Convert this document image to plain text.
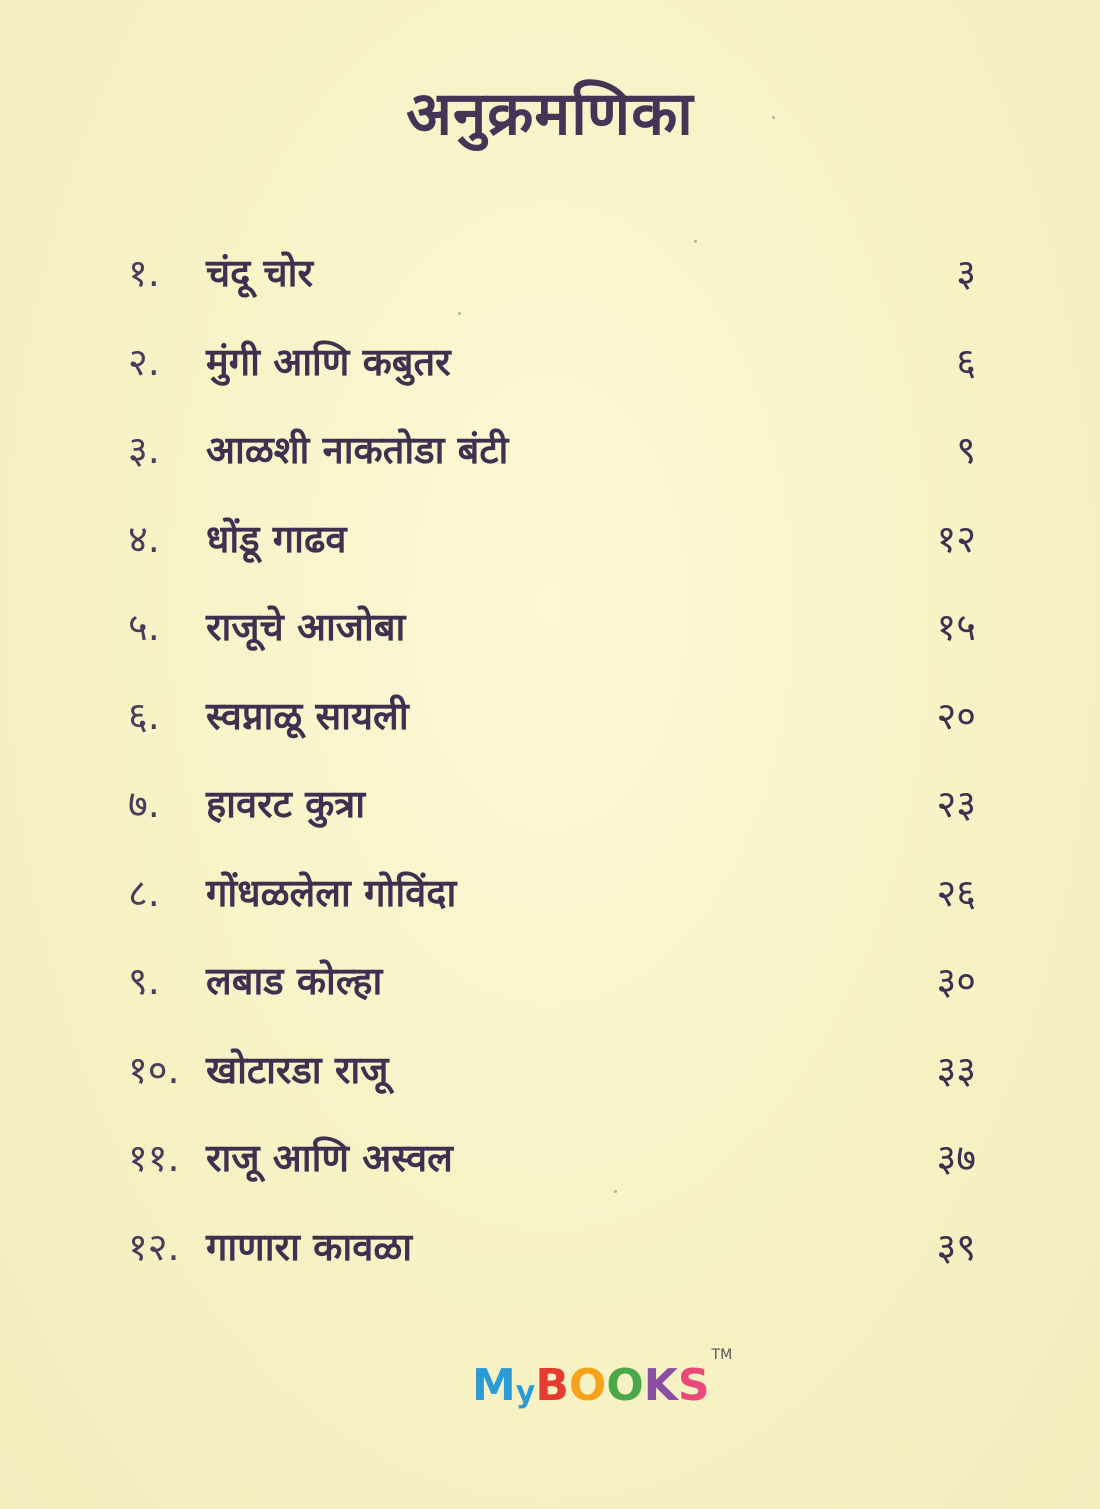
अनुक्रमणिका
१.	चंदू चोर	३
२.	मुंगी आणि कबुतर	६
३.	आळशी नाकतोडा बंटी	९
४.	धोंडू गाढव	१२
५.	राजूचे आजोबा	१५
६.	स्वप्नाळू सायली	२०
७.	हावरट कुत्रा	२३
८.	गोंधळलेला गोविंदा	२६
९.	लबाड कोल्हा	३०
१०. खोटारडा राजू	३३
११. राजू आणि अस्वल	३७
१२. गाणारा कावळा	३९
M y B O O K S
TM
